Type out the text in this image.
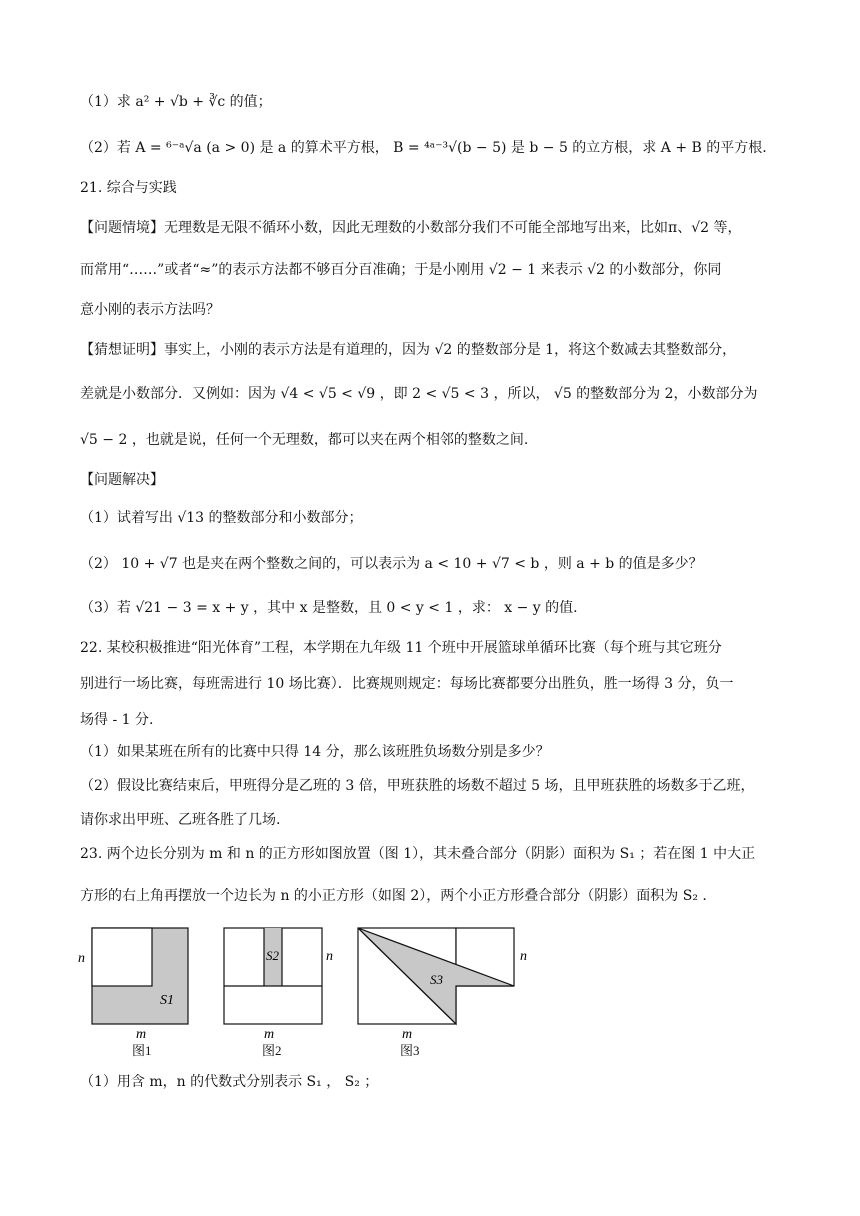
（1）求 a² + √b + ∛c 的值；
（2）若 A = ⁶⁻ᵃ√a (a > 0) 是 a 的算术平方根， B = ⁴ᵃ⁻³√(b − 5) 是 b − 5 的立方根，求 A + B 的平方根.
21. 综合与实践
【问题情境】无理数是无限不循环小数，因此无理数的小数部分我们不可能全部地写出来，比如π、√2 等，
而常用“……”或者“≈”的表示方法都不够百分百准确；于是小刚用 √2 − 1 来表示 √2 的小数部分，你同
意小刚的表示方法吗？
【猜想证明】事实上，小刚的表示方法是有道理的，因为 √2 的整数部分是 1，将这个数减去其整数部分，
差就是小数部分．又例如：因为 √4 < √5 < √9 ，即 2 < √5 < 3 ，所以， √5 的整数部分为 2，小数部分为
√5 − 2 ，也就是说，任何一个无理数，都可以夹在两个相邻的整数之间.
【问题解决】
（1）试着写出 √13 的整数部分和小数部分；
（2） 10 + √7 也是夹在两个整数之间的，可以表示为 a < 10 + √7 < b ，则 a + b 的值是多少？
（3）若 √21 − 3 = x + y ，其中 x 是整数，且 0 < y < 1 ，求： x − y 的值.
22. 某校积极推进“阳光体育”工程，本学期在九年级 11 个班中开展篮球单循环比赛（每个班与其它班分
别进行一场比赛，每班需进行 10 场比赛）．比赛规则规定：每场比赛都要分出胜负，胜一场得 3 分，负一
场得 - 1 分.
（1）如果某班在所有的比赛中只得 14 分，那么该班胜负场数分别是多少？
（2）假设比赛结束后，甲班得分是乙班的 3 倍，甲班获胜的场数不超过 5 场，且甲班获胜的场数多于乙班，
请你求出甲班、乙班各胜了几场.
23. 两个边长分别为 m 和 n 的正方形如图放置（图 1），其未叠合部分（阴影）面积为 S₁ ；若在图 1 中大正
方形的右上角再摆放一个边长为 n 的小正方形（如图 2），两个小正方形叠合部分（阴影）面积为 S₂ .
n
m
S1
图1
n
m
S2
图2
n
m
S3
图3
（1）用含 m，n 的代数式分别表示 S₁ ， S₂ ；
